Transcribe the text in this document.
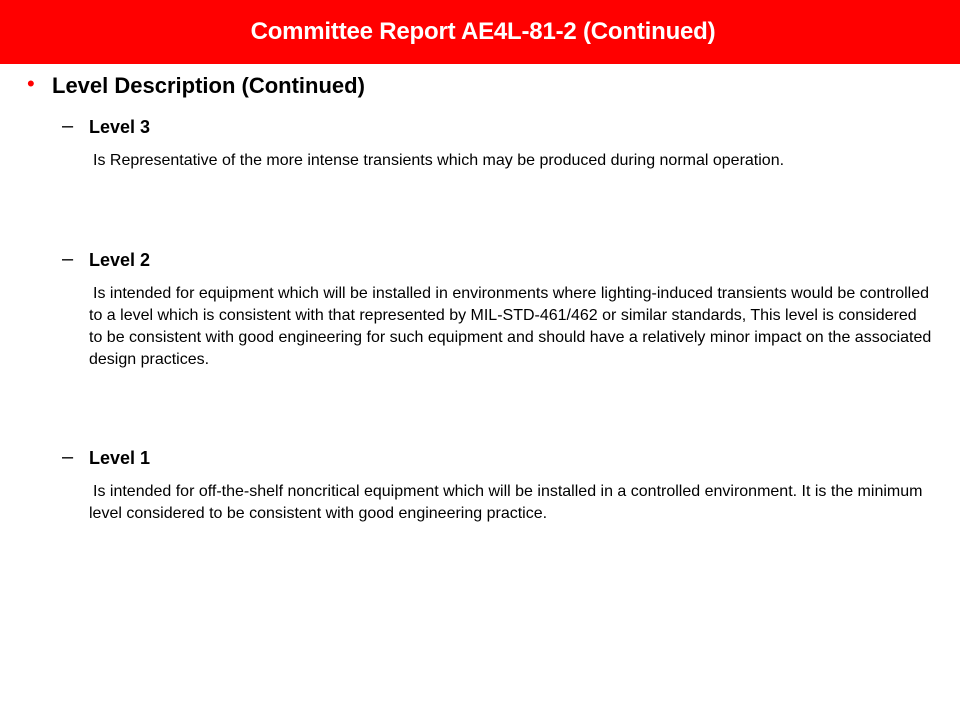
Committee Report AE4L-81-2 (Continued)
• Level Description (Continued)
– Level 3
Is Representative of the more intense transients which may be produced during normal operation.
– Level 2
Is intended for equipment which will be installed in environments where lighting-induced transients would be controlled to a level which is consistent with that represented by MIL-STD-461/462 or similar standards, This level is considered to be consistent with good engineering for such equipment and should have a relatively minor impact on the associated design practices.
– Level 1
Is intended for off-the-shelf noncritical equipment which will be installed in a controlled environment. It is the minimum level considered to be consistent with good engineering practice.
